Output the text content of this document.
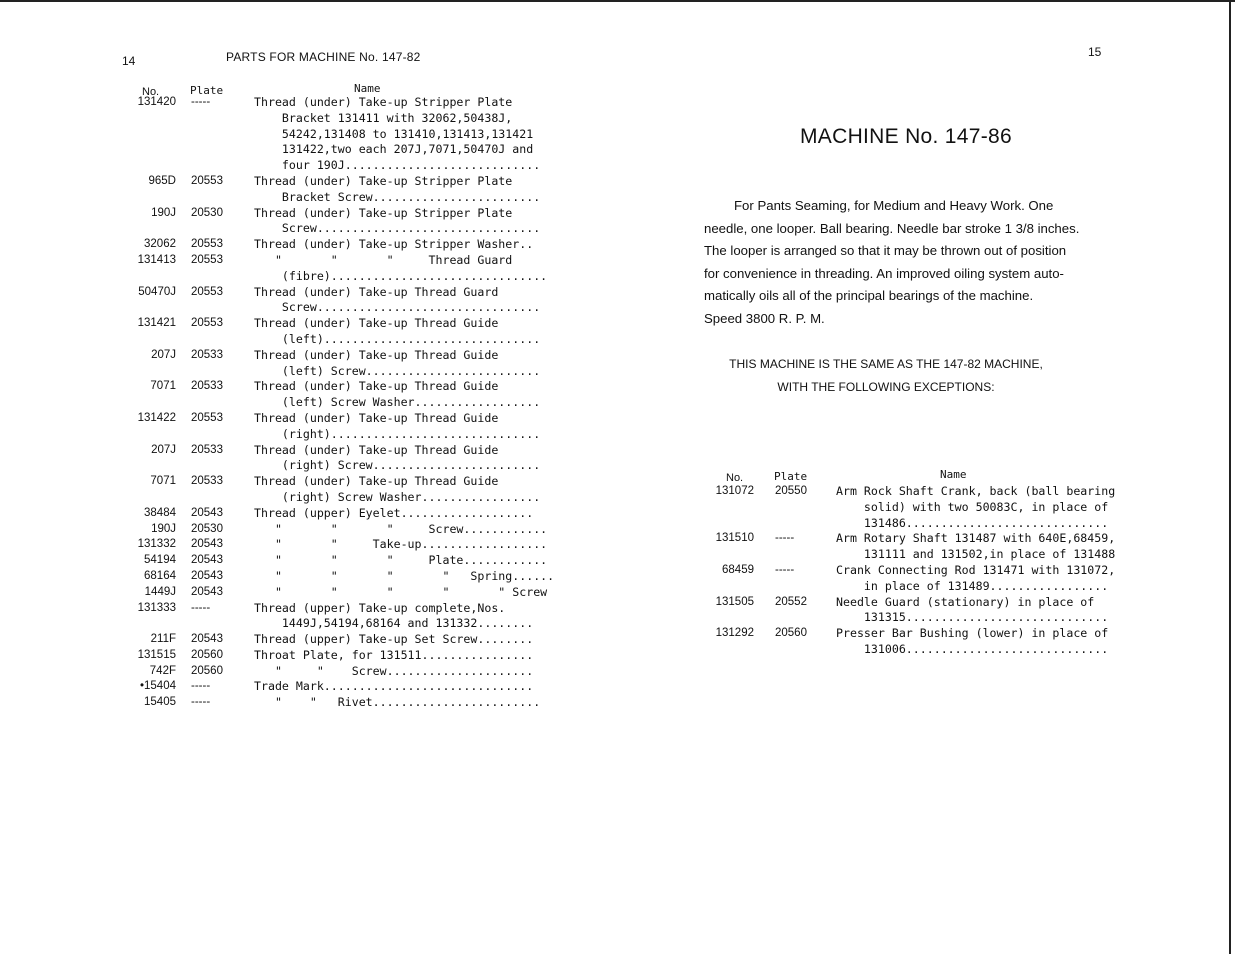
14	PARTS FOR MACHINE No. 147-82
No.	Plate	Name
131420 -----	Thread (under) Take-up Stripper Plate
Bracket 131411 with 32062,50438J,
54242,131408 to 131410,131413,131421
131422,two each 207J,7071,50470J and
four 190J............................
965D 20553	Thread (under) Take-up Stripper Plate
Bracket Screw........................
190J 20530	Thread (under) Take-up Stripper Plate
Screw................................
32062 20553	Thread (under) Take-up Stripper Washer..
131413 20553	"       "       "     Thread Guard
(fibre)...............................
50470J 20553	Thread (under) Take-up Thread Guard
Screw................................
131421 20553	Thread (under) Take-up Thread Guide
(left)...............................
207J 20533	Thread (under) Take-up Thread Guide
(left) Screw.........................
7071 20533	Thread (under) Take-up Thread Guide
(left) Screw Washer..................
131422 20553	Thread (under) Take-up Thread Guide
(right)..............................
207J 20533	Thread (under) Take-up Thread Guide
(right) Screw........................
7071 20533	Thread (under) Take-up Thread Guide
(right) Screw Washer.................
38484 20543	Thread (upper) Eyelet...................
190J 20530	"       "       "     Screw............
131332 20543	"       "     Take-up..................
54194 20543	"       "       "     Plate............
68164 20543	"       "       "       "   Spring......
1449J 20543	"       "       "       "       " Screw
131333 -----	Thread (upper) Take-up complete,Nos.
1449J,54194,68164 and 131332........
211F 20543	Thread (upper) Take-up Set Screw........
131515 20560	Throat Plate, for 131511................
742F 20560	"     "    Screw.....................
•15404 -----	Trade Mark..............................
15405 -----	"    "   Rivet........................
15
MACHINE No. 147-86
For Pants Seaming, for Medium and Heavy Work. One
needle, one looper. Ball bearing. Needle bar stroke 1 3/8 inches.
The looper is arranged so that it may be thrown out of position
for convenience in threading. An improved oiling system auto-
matically oils all of the principal bearings of the machine.
Speed 3800 R. P. M.
THIS MACHINE IS THE SAME AS THE 147-82 MACHINE,
WITH THE FOLLOWING EXCEPTIONS:
No.	Plate	Name
131072 20550	Arm Rock Shaft Crank, back (ball bearing
solid) with two 50083C, in place of
131486.............................
131510 -----	Arm Rotary Shaft 131487 with 640E,68459,
131111 and 131502,in place of 131488
68459 -----	Crank Connecting Rod 131471 with 131072,
in place of 131489.................
131505 20552	Needle Guard (stationary) in place of
131315.............................
131292 20560	Presser Bar Bushing (lower) in place of
131006.............................
